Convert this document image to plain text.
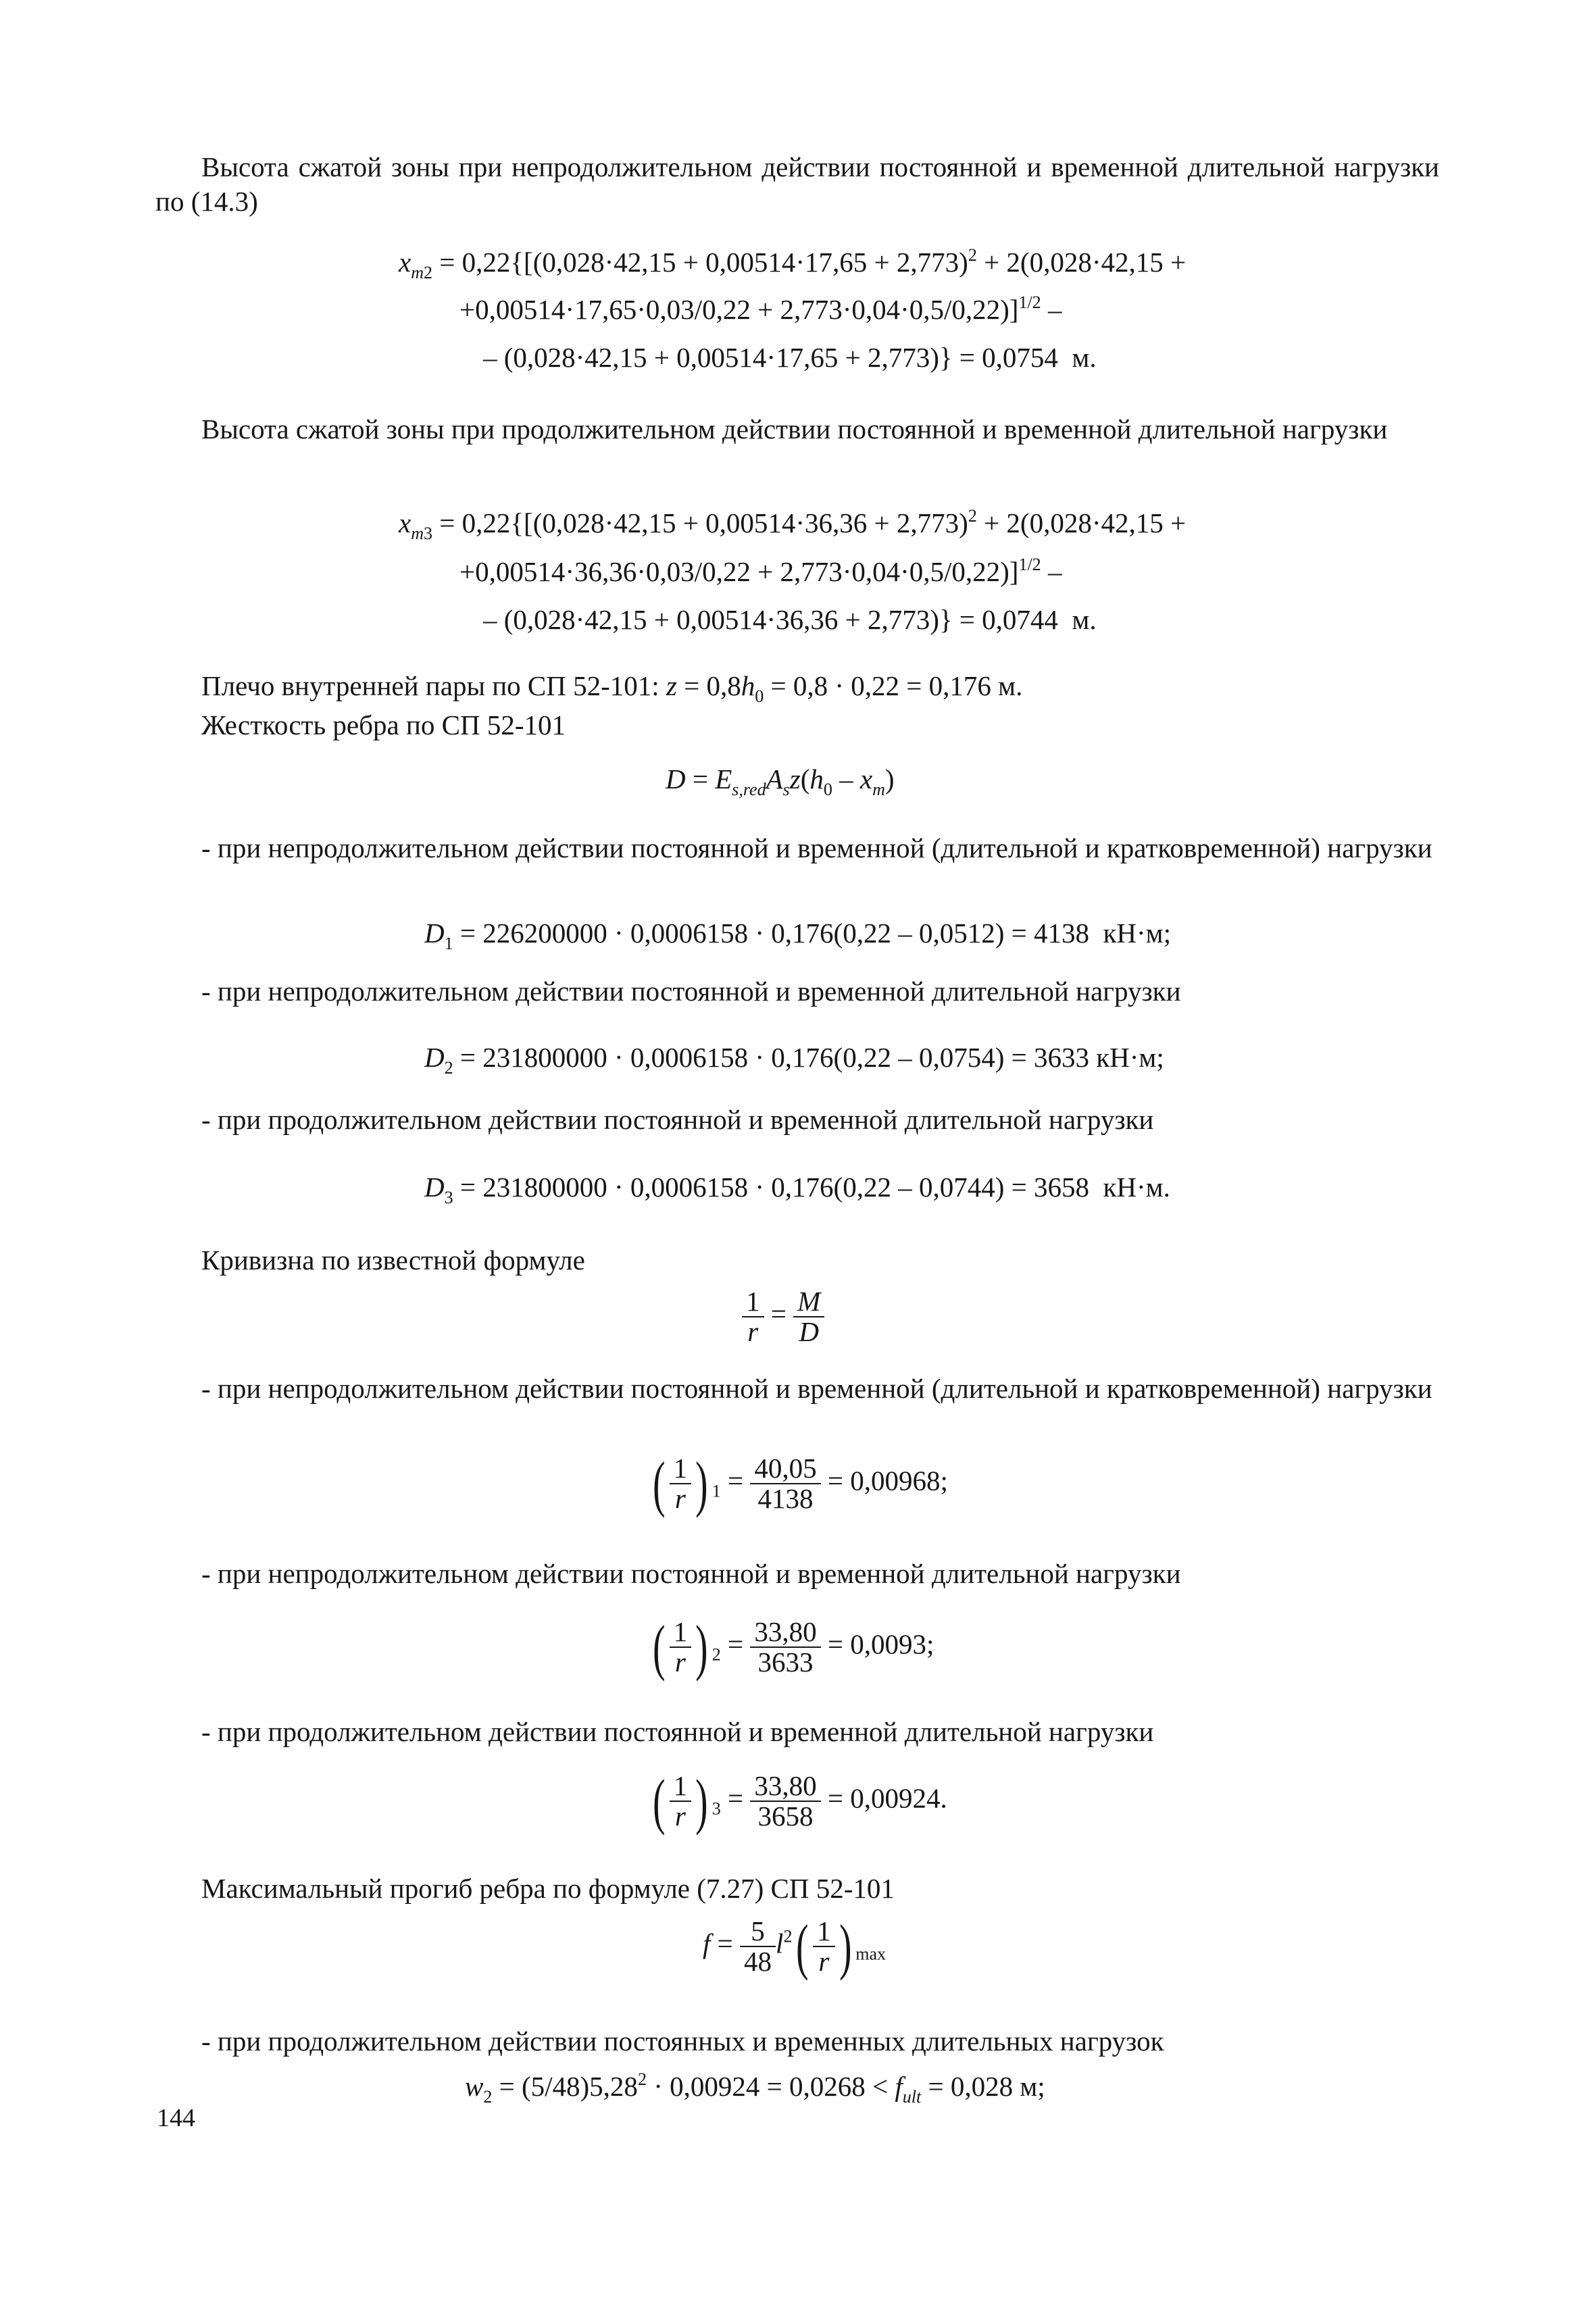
Высота сжатой зоны при непродолжительном действии постоянной и временной длительной нагрузки по (14.3)

$x_{m2} = 0,22\{[(0,028\cdot 42,15 + 0,00514\cdot 17,65 + 2,773)^2 + 2(0,028\cdot 42,15$ +
+0,00514·17,65·0,03/0,22 + 2,773·0,04·0,5/0,22)]$^{1/2}$ –
– (0,028·42,15 + 0,00514·17,65 + 2,773)} = 0,0754  м.

Высота сжатой зоны при продолжительном действии постоянной и временной длительной нагрузки

$x_{m3} = 0,22\{[(0,028\cdot 42,15 + 0,00514\cdot 36,36 + 2,773)^2 + 2(0,028\cdot 42,15$ +
+0,00514·36,36·0,03/0,22 + 2,773·0,04·0,5/0,22)]$^{1/2}$ –
– (0,028·42,15 + 0,00514·36,36 + 2,773)} = 0,0744  м.

Плечо внутренней пары по СП 52-101: $z = 0,8h_0 = 0,8 \cdot 0,22 = 0,176$ м.

Жесткость ребра по СП 52-101

$D = E_{s,red}A_sz(h_0 - x_m)$

- при непродолжительном действии постоянной и временной (длительной и кратковременной) нагрузки

$D_1 = 226200000 \cdot 0,0006158 \cdot 0,176(0,22 - 0,0512) = 4138$  кН·м;

- при непродолжительном действии постоянной и временной длительной нагрузки

$D_2 = 231800000 \cdot 0,0006158 \cdot 0,176(0,22 - 0,0754) = 3633$ кН·м;

- при продолжительном действии постоянной и временной длительной нагрузки

$D_3 = 231800000 \cdot 0,0006158 \cdot 0,176(0,22 - 0,0744) = 3658$  кН·м.

Кривизна по известной формуле

$\frac{1}{r} = \frac{M}{D}$

- при непродолжительном действии постоянной и временной (длительной и кратковременной) нагрузки

( $\frac{1}{r}$ ) $_1 = \frac{40,05}{4138} = 0,00968$;

- при непродолжительном действии постоянной и временной длительной нагрузки

( $\frac{1}{r}$ ) $_2 = \frac{33,80}{3633} = 0,0093$;

- при продолжительном действии постоянной и временной длительной нагрузки

( $\frac{1}{r}$ ) $_3 = \frac{33,80}{3658} = 0,00924$.

Максимальный прогиб ребра по формуле (7.27) СП 52-101

$f = \frac{5}{48} l^2( \frac{1}{r}$ ) $_{max}$

- при продолжительном действии постоянных и временных длительных нагрузок

$w_2 = (5/48)5,28^2 \cdot 0,00924 = 0,0268 < f_{ult} = 0,028$ м;
144
